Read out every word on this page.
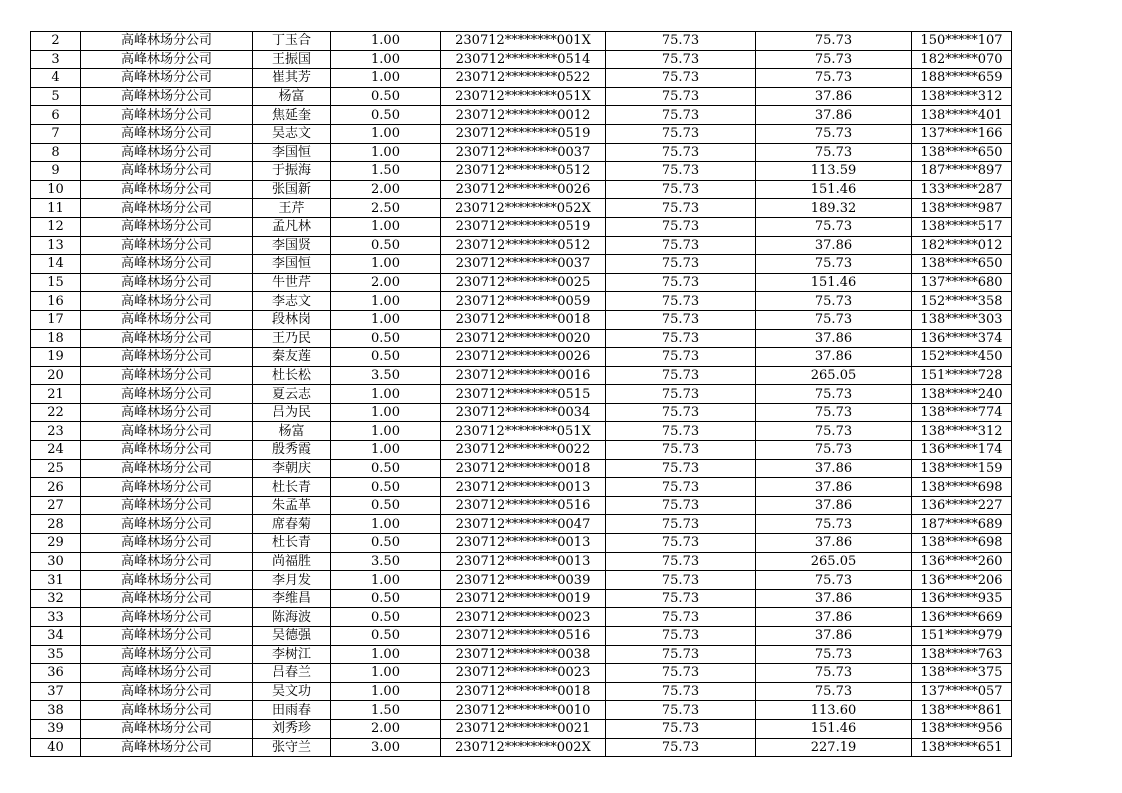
2	高峰林场分公司	丁玉合	1.00	230712********001X	75.73	75.73	150*****107
3	高峰林场分公司	王振国	1.00	230712********0514	75.73	75.73	182*****070
4	高峰林场分公司	崔其芳	1.00	230712********0522	75.73	75.73	188*****659
5	高峰林场分公司	杨富	0.50	230712********051X	75.73	37.86	138*****312
6	高峰林场分公司	焦延奎	0.50	230712********0012	75.73	37.86	138*****401
7	高峰林场分公司	吴志文	1.00	230712********0519	75.73	75.73	137*****166
8	高峰林场分公司	李国恒	1.00	230712********0037	75.73	75.73	138*****650
9	高峰林场分公司	于振海	1.50	230712********0512	75.73	113.59	187*****897
10	高峰林场分公司	张国新	2.00	230712********0026	75.73	151.46	133*****287
11	高峰林场分公司	王芹	2.50	230712********052X	75.73	189.32	138*****987
12	高峰林场分公司	孟凡林	1.00	230712********0519	75.73	75.73	138*****517
13	高峰林场分公司	李国贤	0.50	230712********0512	75.73	37.86	182*****012
14	高峰林场分公司	李国恒	1.00	230712********0037	75.73	75.73	138*****650
15	高峰林场分公司	牛世芹	2.00	230712********0025	75.73	151.46	137*****680
16	高峰林场分公司	李志文	1.00	230712********0059	75.73	75.73	152*****358
17	高峰林场分公司	段林岗	1.00	230712********0018	75.73	75.73	138*****303
18	高峰林场分公司	王乃民	0.50	230712********0020	75.73	37.86	136*****374
19	高峰林场分公司	秦友莲	0.50	230712********0026	75.73	37.86	152*****450
20	高峰林场分公司	杜长松	3.50	230712********0016	75.73	265.05	151*****728
21	高峰林场分公司	夏云志	1.00	230712********0515	75.73	75.73	138*****240
22	高峰林场分公司	吕为民	1.00	230712********0034	75.73	75.73	138*****774
23	高峰林场分公司	杨富	1.00	230712********051X	75.73	75.73	138*****312
24	高峰林场分公司	殷秀霞	1.00	230712********0022	75.73	75.73	136*****174
25	高峰林场分公司	李朝庆	0.50	230712********0018	75.73	37.86	138*****159
26	高峰林场分公司	杜长青	0.50	230712********0013	75.73	37.86	138*****698
27	高峰林场分公司	朱孟革	0.50	230712********0516	75.73	37.86	136*****227
28	高峰林场分公司	席春菊	1.00	230712********0047	75.73	75.73	187*****689
29	高峰林场分公司	杜长青	0.50	230712********0013	75.73	37.86	138*****698
30	高峰林场分公司	尚福胜	3.50	230712********0013	75.73	265.05	136*****260
31	高峰林场分公司	李月发	1.00	230712********0039	75.73	75.73	136*****206
32	高峰林场分公司	李维昌	0.50	230712********0019	75.73	37.86	136*****935
33	高峰林场分公司	陈海波	0.50	230712********0023	75.73	37.86	136*****669
34	高峰林场分公司	吴德强	0.50	230712********0516	75.73	37.86	151*****979
35	高峰林场分公司	李树江	1.00	230712********0038	75.73	75.73	138*****763
36	高峰林场分公司	吕春兰	1.00	230712********0023	75.73	75.73	138*****375
37	高峰林场分公司	吴文功	1.00	230712********0018	75.73	75.73	137*****057
38	高峰林场分公司	田雨春	1.50	230712********0010	75.73	113.60	138*****861
39	高峰林场分公司	刘秀珍	2.00	230712********0021	75.73	151.46	138*****956
40	高峰林场分公司	张守兰	3.00	230712********002X	75.73	227.19	138*****651
